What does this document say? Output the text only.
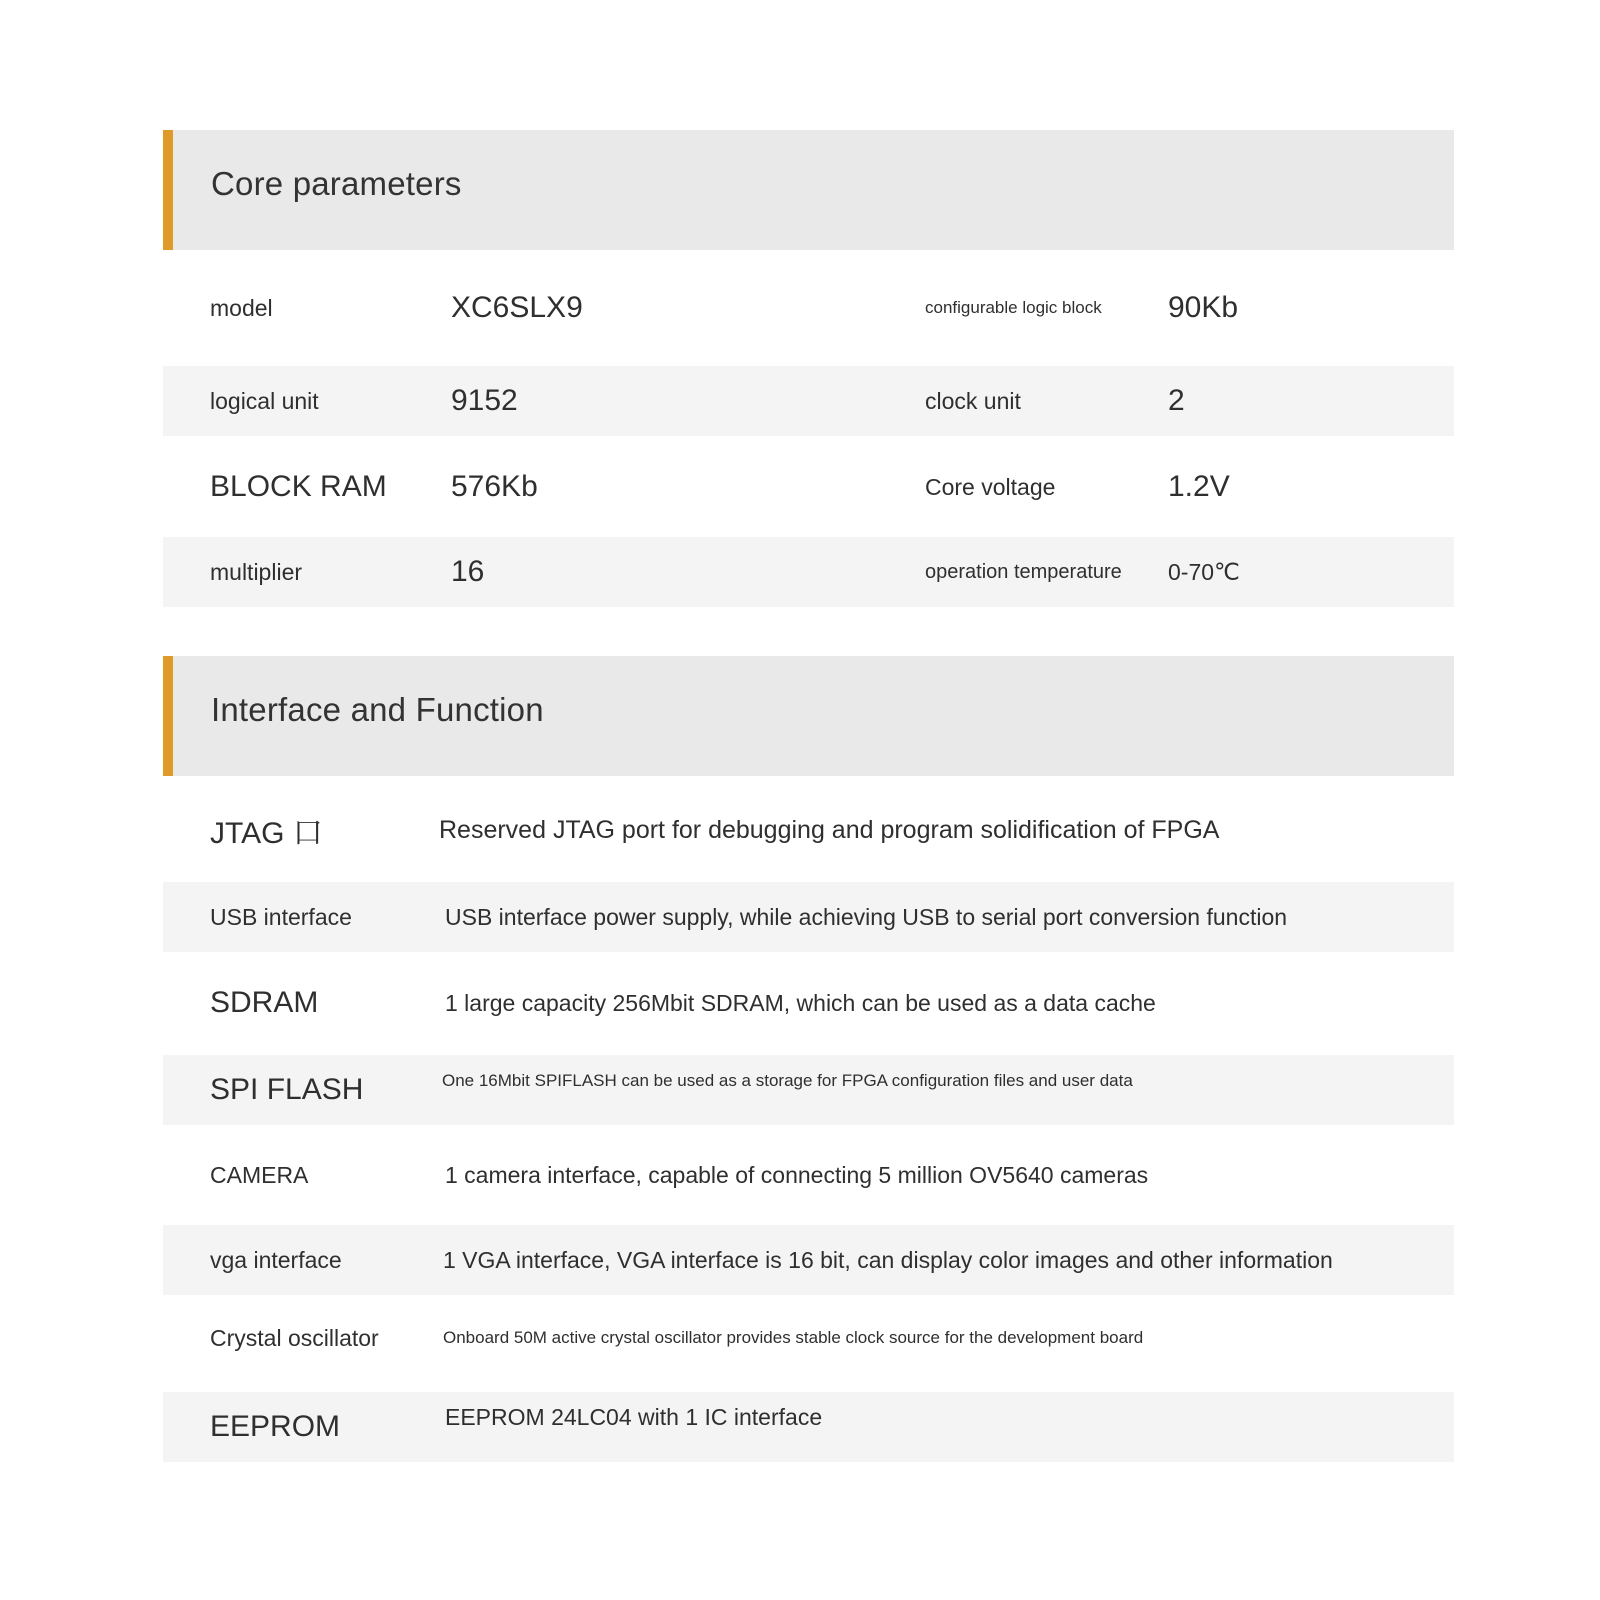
Core parameters
model	XC6SLX9	configurable logic block 90Kb
logical unit	9152	clock unit	2
BLOCK RAM 576Kb	Core voltage	1.2V
multiplier	16	operation temperature 0-70℃
Interface and Function
JTAG 口	Reserved JTAG port for debugging and program solidification of FPGA
USB interface	USB interface power supply, while achieving USB to serial port conversion function
SDRAM	1 large capacity 256Mbit SDRAM, which can be used as a data cache
SPI FLASH	One 16Mbit SPIFLASH can be used as a storage for FPGA configuration files and user data
CAMERA	1 camera interface, capable of connecting 5 million OV5640 cameras
vga interface	1 VGA interface, VGA interface is 16 bit, can display color images and other information
Crystal oscillator	Onboard 50M active crystal oscillator provides stable clock source for the development board
EEPROM	EEPROM 24LC04 with 1 IC interface
